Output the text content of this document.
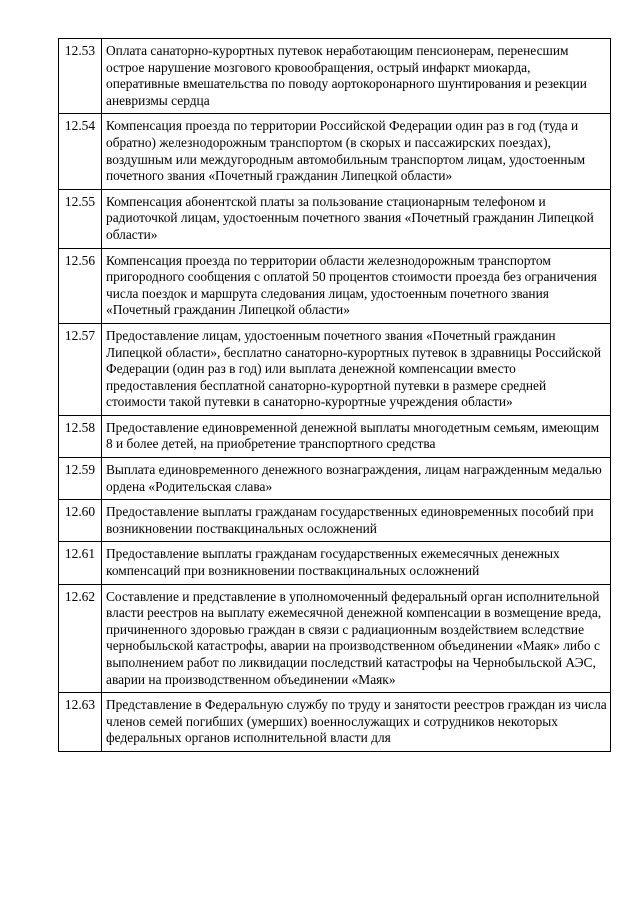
12.53	Оплата санаторно-курортных путевок неработающим пенсионерам, перенесшим острое нарушение мозгового кровообращения, острый инфаркт миокарда, оперативные вмешательства по поводу аортокоронарного шунтирования и резекции аневризмы сердца
12.54	Компенсация проезда по территории Российской Федерации один раз в год (туда и обратно) железнодорожным транспортом (в скорых и пассажирских поездах), воздушным или междугородным автомобильным транспортом лицам, удостоенным почетного звания «Почетный гражданин Липецкой области»
12.55	Компенсация абонентской платы за пользование стационарным телефоном и радиоточкой лицам, удостоенным почетного звания «Почетный гражданин Липецкой области»
12.56	Компенсация проезда по территории области железнодорожным транспортом пригородного сообщения с оплатой 50 процентов стоимости проезда без ограничения числа поездок и маршрута следования лицам, удостоенным почетного звания «Почетный гражданин Липецкой области»
12.57	Предоставление лицам, удостоенным почетного звания «Почетный гражданин Липецкой области», бесплатно санаторно-курортных путевок в здравницы Российской Федерации (один раз в год) или выплата денежной компенсации вместо предоставления бесплатной санаторно-курортной путевки в размере средней стоимости такой путевки в санаторно-курортные учреждения области»
12.58	Предоставление единовременной денежной выплаты многодетным семьям, имеющим 8 и более детей, на приобретение транспортного средства
12.59	Выплата единовременного денежного вознаграждения, лицам награжденным медалью ордена «Родительская слава»
12.60	Предоставление выплаты гражданам государственных единовременных пособий при возникновении поствакцинальных осложнений
12.61	Предоставление выплаты гражданам государственных ежемесячных денежных компенсаций при возникновении поствакцинальных осложнений
12.62	Составление и представление в уполномоченный федеральный орган исполнительной власти реестров на выплату ежемесячной денежной компенсации в возмещение вреда, причиненного здоровью граждан в связи с радиационным воздействием вследствие чернобыльской катастрофы, аварии на производственном объединении «Маяк» либо с выполнением работ по ликвидации последствий катастрофы на Чернобыльской АЭС, аварии на производственном объединении «Маяк»
12.63	Представление в Федеральную службу по труду и занятости реестров граждан из числа членов семей погибших (умерших) военнослужащих и сотрудников некоторых федеральных органов исполнительной власти для
